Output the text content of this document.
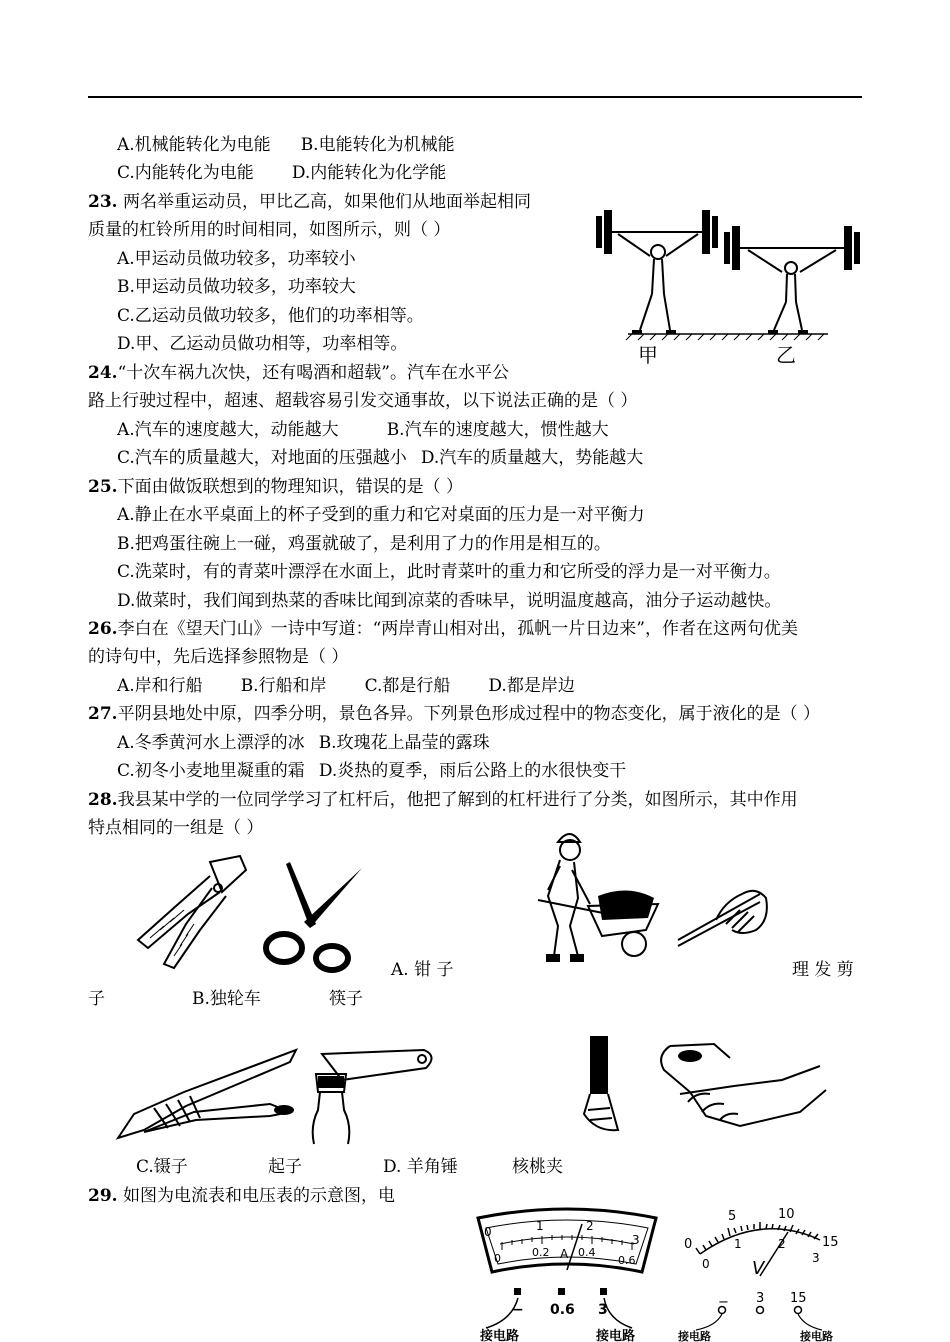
A.机械能转化为电能 B.电能转化为机械能
C.内能转化为电能 D.内能转化为化学能
23. 两名举重运动员，甲比乙高，如果他们从地面举起相同
质量的杠铃所用的时间相同，如图所示，则（ ）
A.甲运动员做功较多，功率较小
B.甲运动员做功较多，功率较大
C.乙运动员做功较多，他们的功率相等。
D.甲、乙运动员做功相等，功率相等。	甲	乙
24.“十次车祸九次快，还有喝酒和超载”。汽车在水平公
路上行驶过程中，超速、超载容易引发交通事故，以下说法正确的是（ ）
A.汽车的速度越大，动能越大	B.汽车的速度越大，惯性越大
C.汽车的质量越大，对地面的压强越小 D.汽车的质量越大，势能越大
25.下面由做饭联想到的物理知识，错误的是（ ）
A.静止在水平桌面上的杯子受到的重力和它对桌面的压力是一对平衡力
B.把鸡蛋往碗上一碰，鸡蛋就破了，是利用了力的作用是相互的。
C.洗菜时，有的青菜叶漂浮在水面上，此时青菜叶的重力和它所受的浮力是一对平衡力。
D.做菜时，我们闻到热菜的香味比闻到凉菜的香味早，说明温度越高，油分子运动越快。
26.李白在《望天门山》一诗中写道：“两岸青山相对出，孤帆一片日边来”，作者在这两句优美
的诗句中，先后选择参照物是（ ）
A.岸和行船 B.行船和岸 C.都是行船 D.都是岸边
27.平阴县地处中原，四季分明，景色各异。下列景色形成过程中的物态变化，属于液化的是（ ）
A.冬季黄河水上漂浮的冰 B.玫瑰花上晶莹的露珠
C.初冬小麦地里凝重的霜 D.炎热的夏季，雨后公路上的水很快变干
28.我县某中学的一位同学学习了杠杆后，他把了解到的杠杆进行了分类，如图所示，其中作用
特点相同的一组是（ ）
A. 钳 子	理 发 剪
子	B.独轮车	筷子
C.镊子	起子	D. 羊角锤	核桃夹
29. 如图为电流表和电压表的示意图，电
0	1	2
3
0	0.2 A 0.4
0.6
− 0.6 3
接电路	接电路
0
5	10
15
0
1	2
3
V
− 3 15
接电路	接电路
